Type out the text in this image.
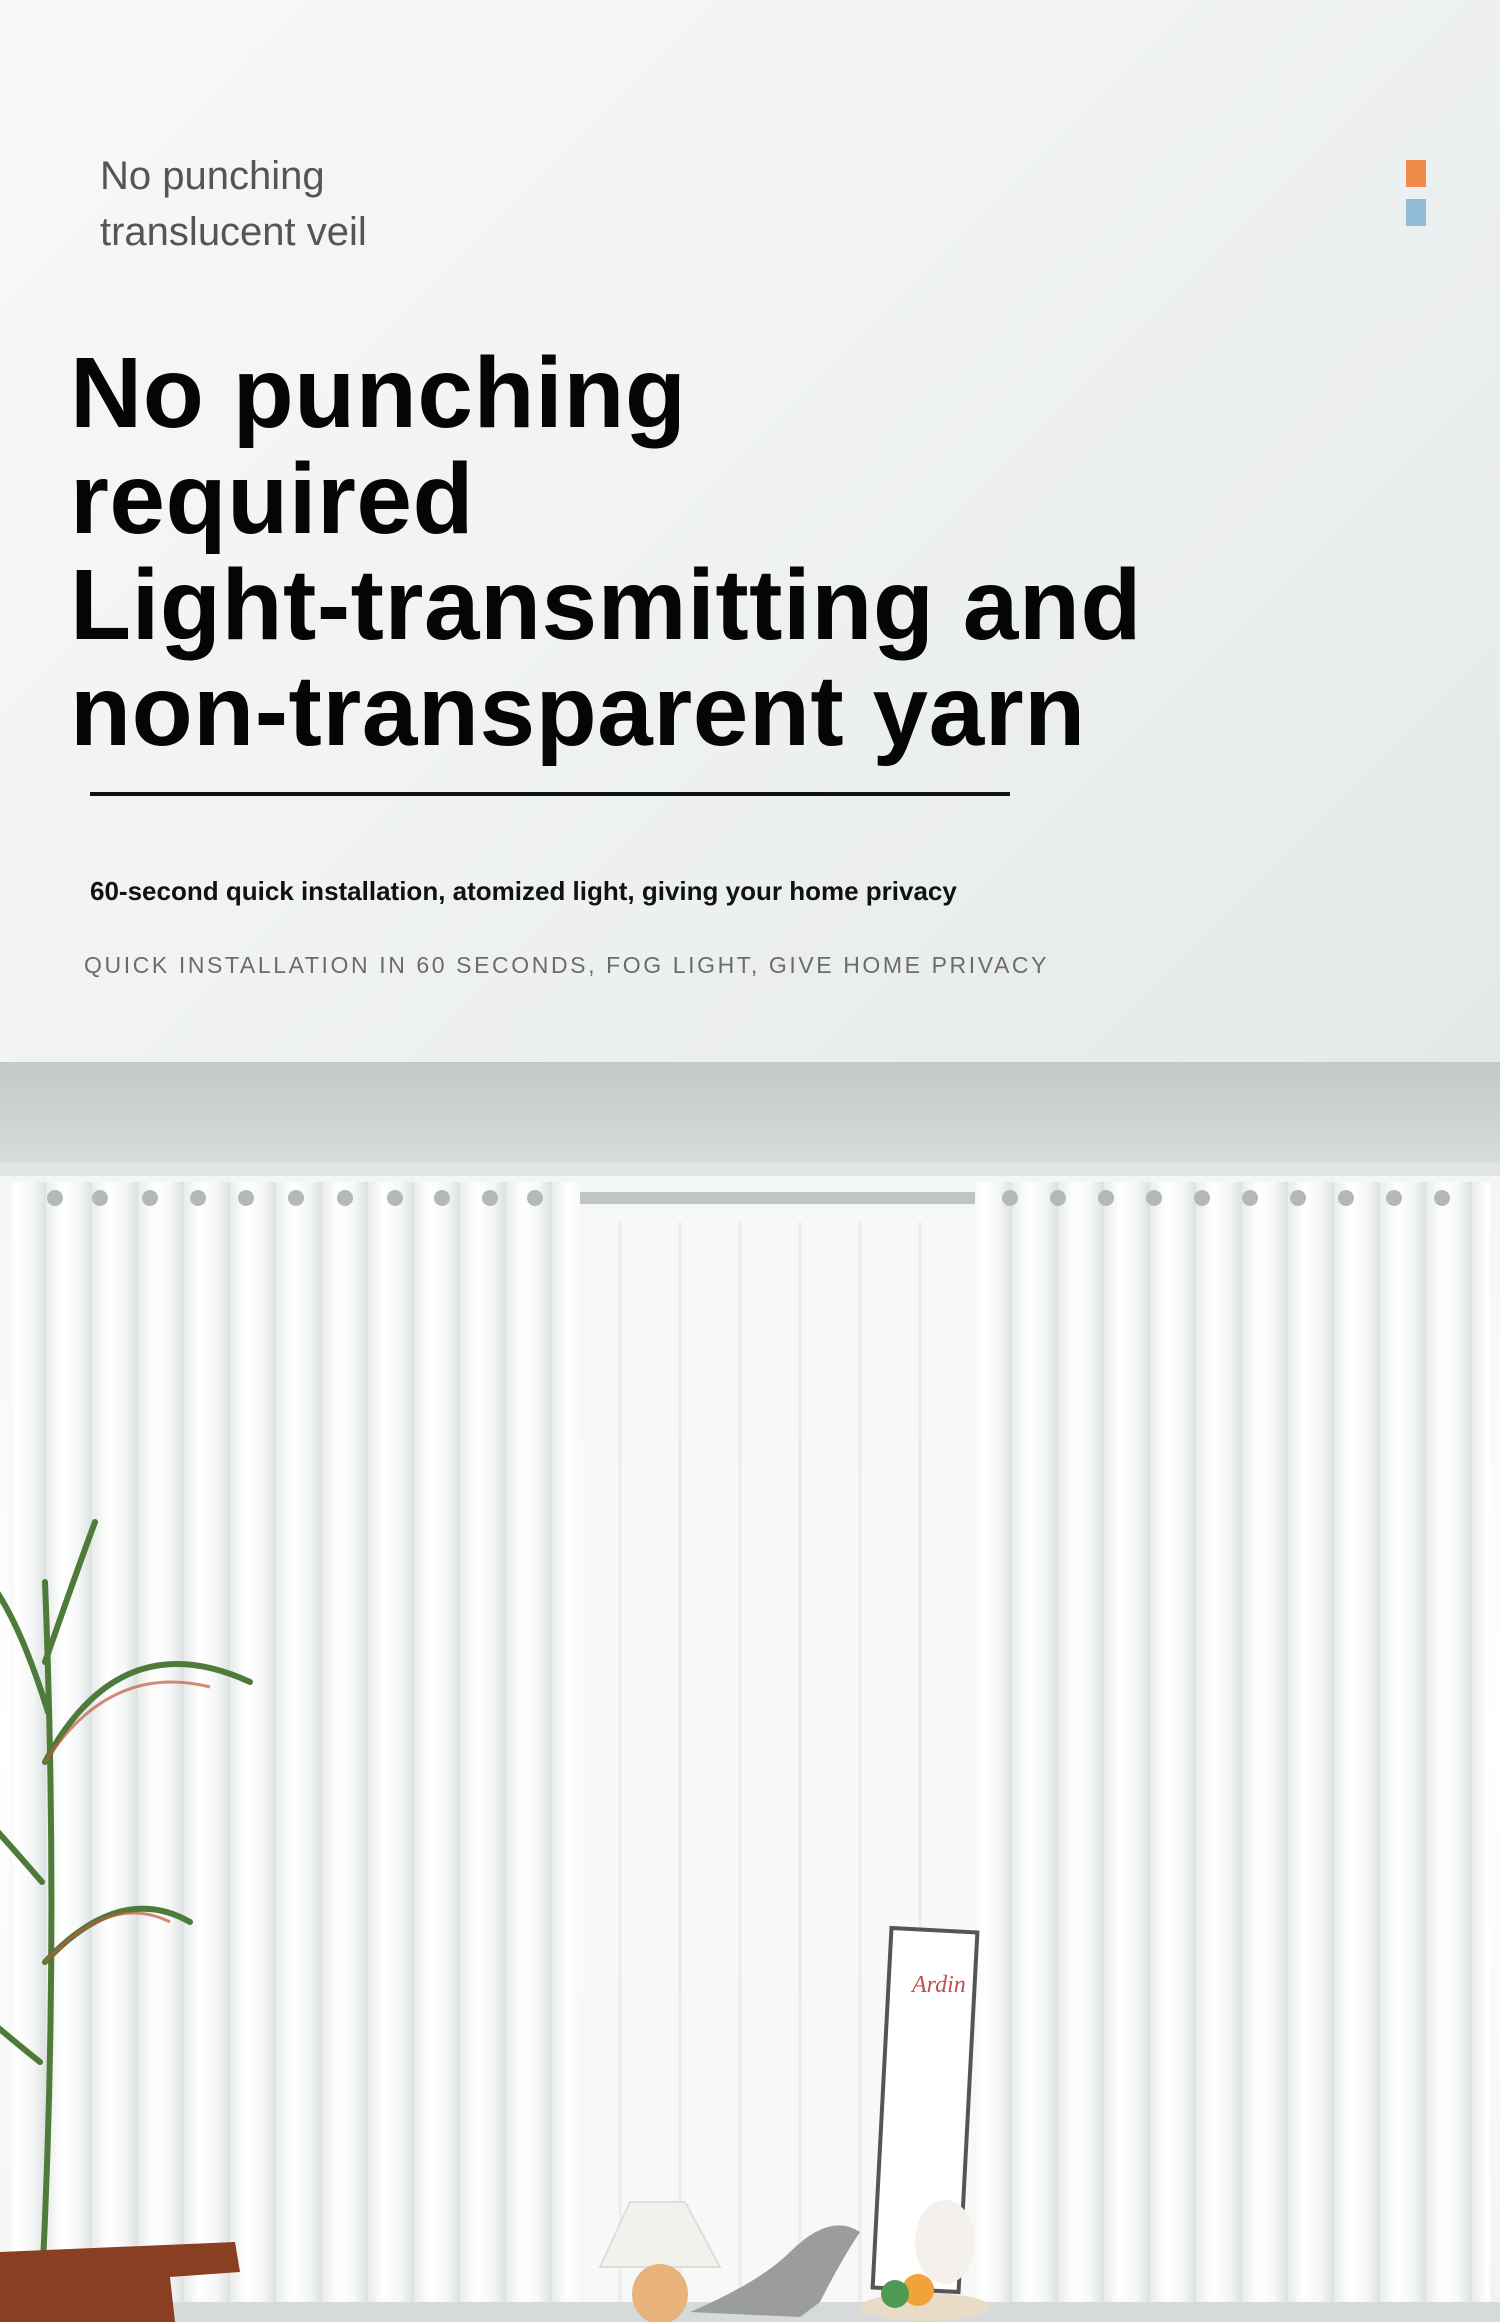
No punching
translucent veil
No punching
required
Light-transmitting and
non-transparent yarn
60-second quick installation, atomized light, giving your home privacy
QUICK INSTALLATION IN 60 SECONDS, FOG LIGHT, GIVE HOME PRIVACY
Ardin
